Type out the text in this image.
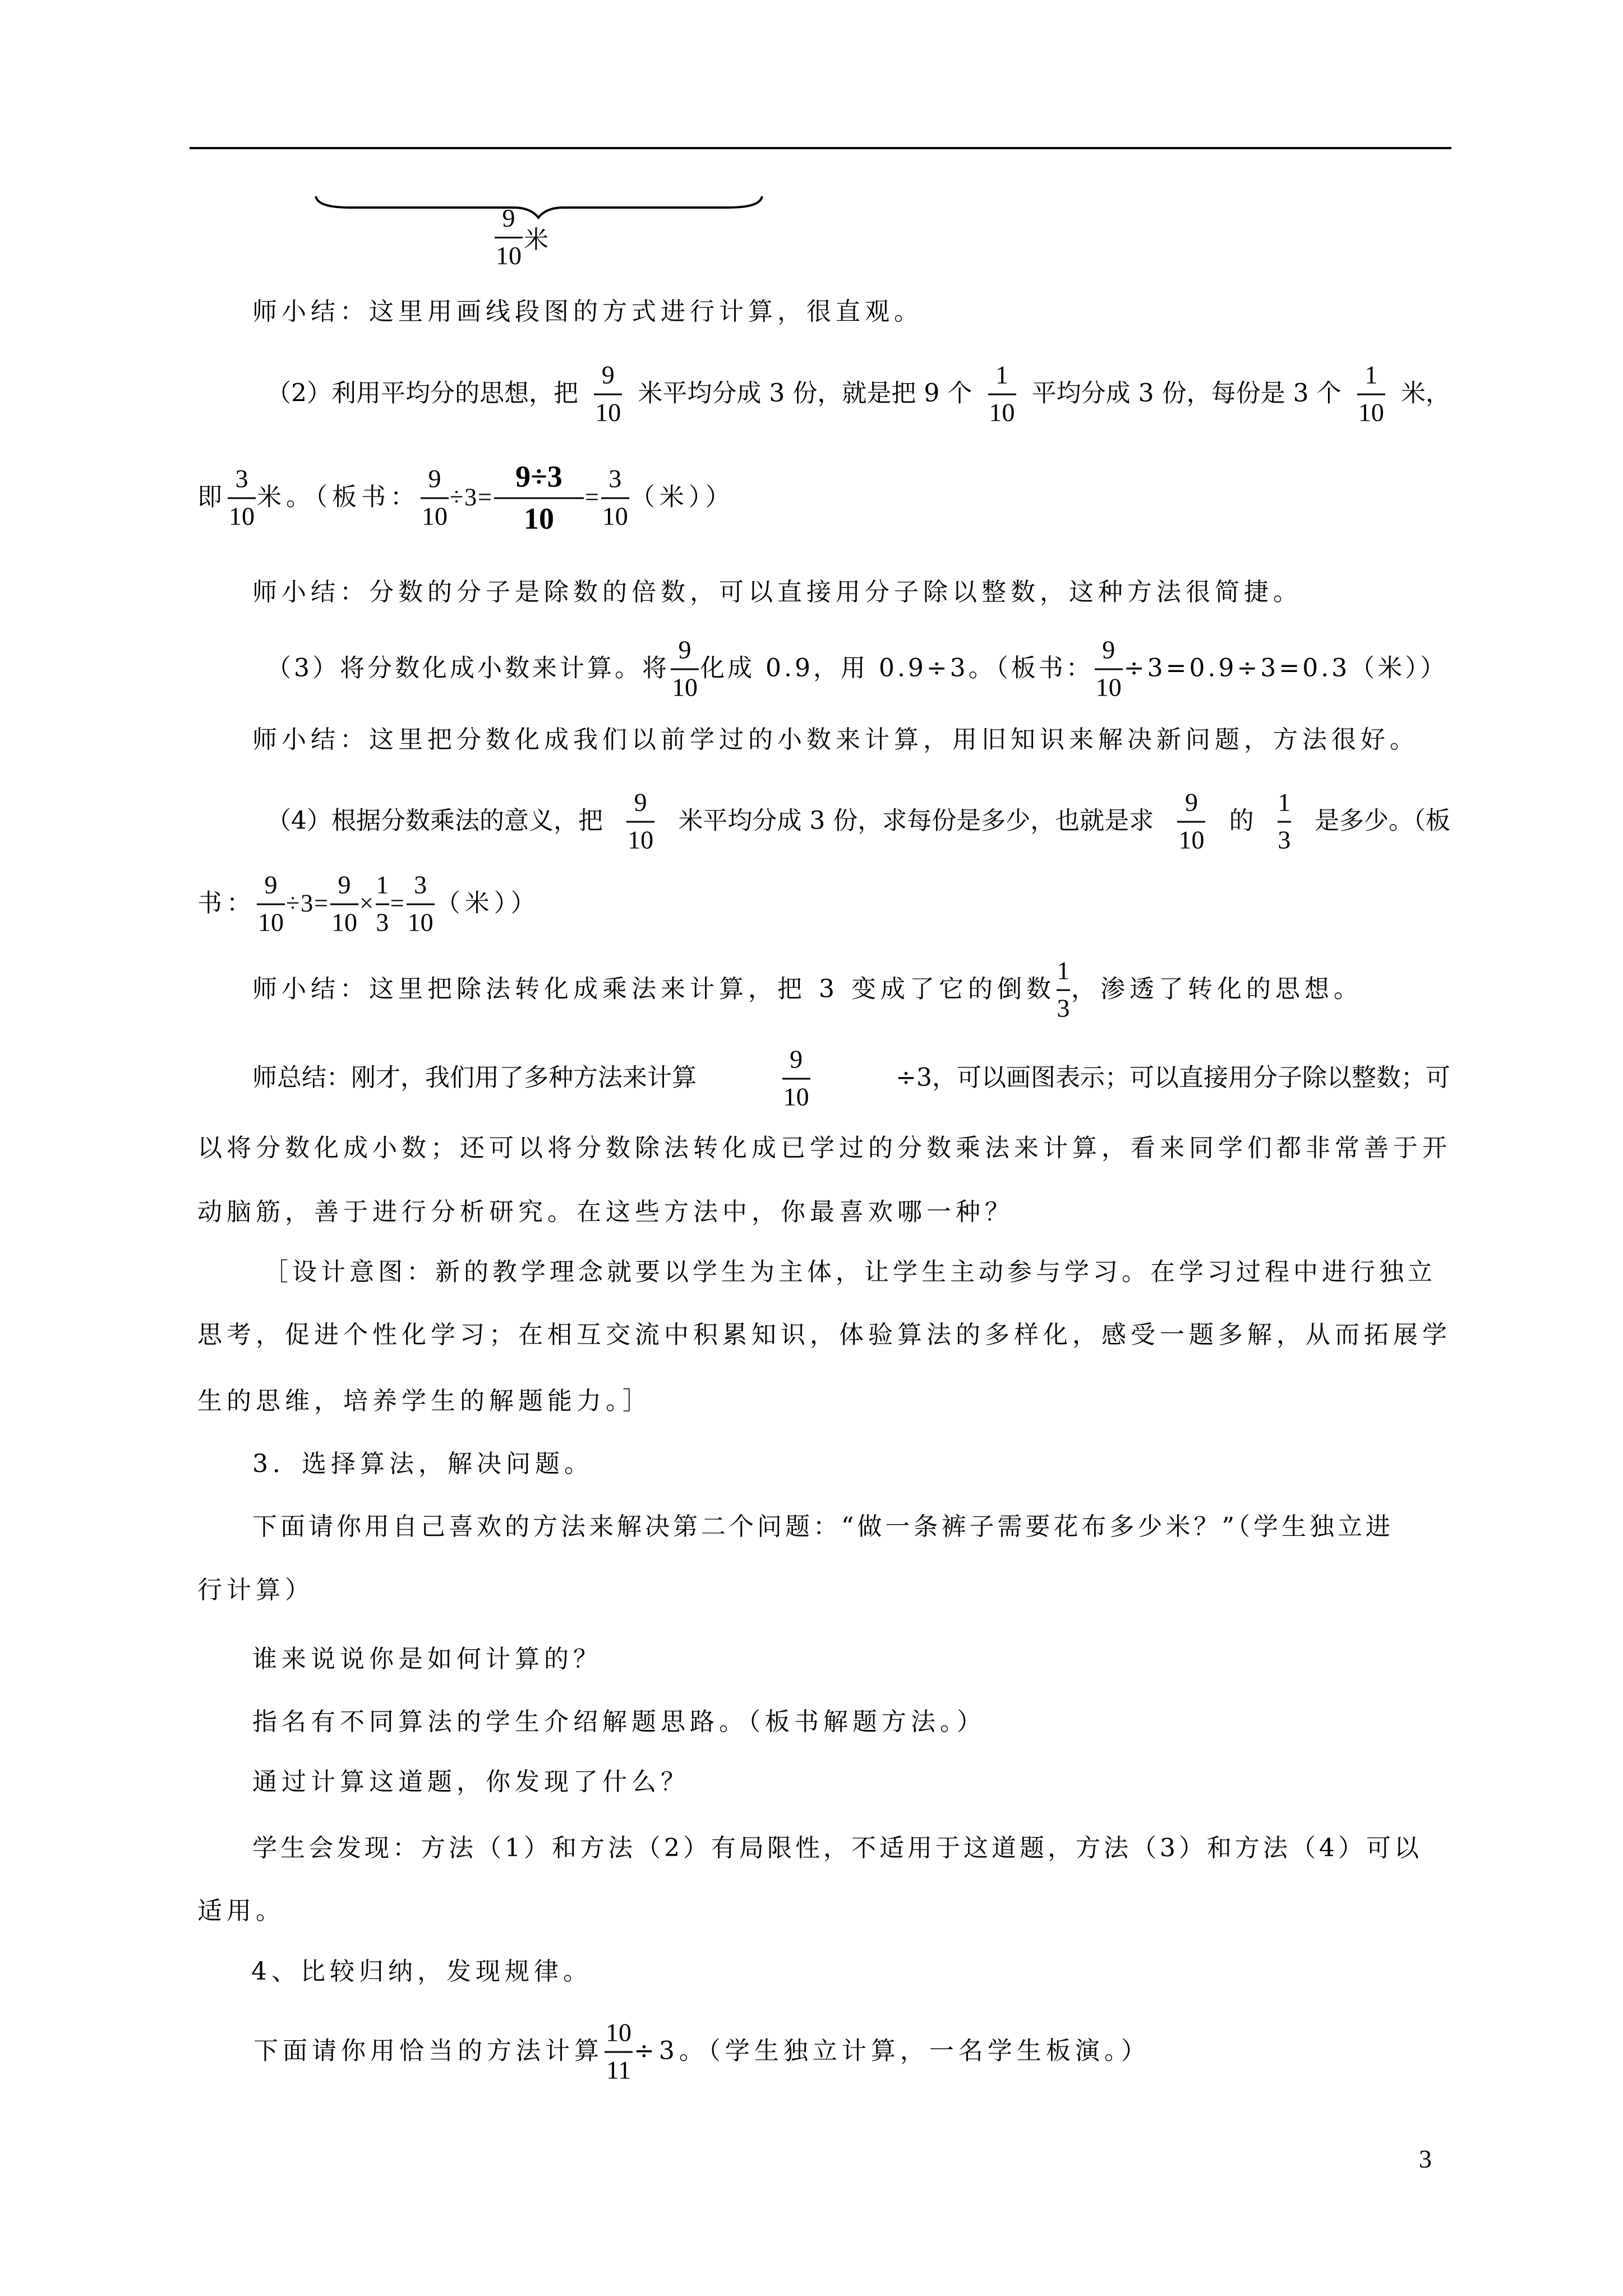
9
10
米
师小结：这里用画线段图的方式进行计算，很直观。
（2）利用平均分的思想，把
9
10
米平均分成 3 份，就是把 9 个
1
10
平均分成 3 份，每份是 3 个
1
10
米，
即
3
10
米。（板书：
9
10
÷3=
9÷3
10
=
3
10
（米））
师小结：分数的分子是除数的倍数，可以直接用分子除以整数，这种方法很简捷。
（3）将分数化成小数来计算。将
9
10
化成 0.9，用 0.9÷3。（板书：
9
10
÷3=0.9÷3=0.3（米））
师小结：这里把分数化成我们以前学过的小数来计算，用旧知识来解决新问题，方法很好。
（4）根据分数乘法的意义，把
9
10
米平均分成 3 份，求每份是多少，也就是求
9
10
的
1
3
是多少。（板
书：
9
10
÷3=
9
10
×
1
3
=
3
10
（米））
师小结：这里把除法转化成乘法来计算，把 3 变成了它的倒数
1
3
，渗透了转化的思想。
师总结：刚才，我们用了多种方法来计算
9
10
÷3，可以画图表示；可以直接用分子除以整数；可
以将分数化成小数；还可以将分数除法转化成已学过的分数乘法来计算，看来同学们都非常善于开
动脑筋，善于进行分析研究。在这些方法中，你最喜欢哪一种？
［设计意图：新的教学理念就要以学生为主体，让学生主动参与学习。在学习过程中进行独立
思考，促进个性化学习；在相互交流中积累知识，体验算法的多样化，感受一题多解，从而拓展学
生的思维，培养学生的解题能力。］
3．选择算法，解决问题。
下面请你用自己喜欢的方法来解决第二个问题：“做一条裤子需要花布多少米？”（学生独立进
行计算）
谁来说说你是如何计算的？
指名有不同算法的学生介绍解题思路。（板书解题方法。）
通过计算这道题，你发现了什么？
学生会发现：方法（1）和方法（2）有局限性，不适用于这道题，方法（3）和方法（4）可以
适用。
4、比较归纳，发现规律。
下面请你用恰当的方法计算
10
11
÷3。（学生独立计算，一名学生板演。）
3
